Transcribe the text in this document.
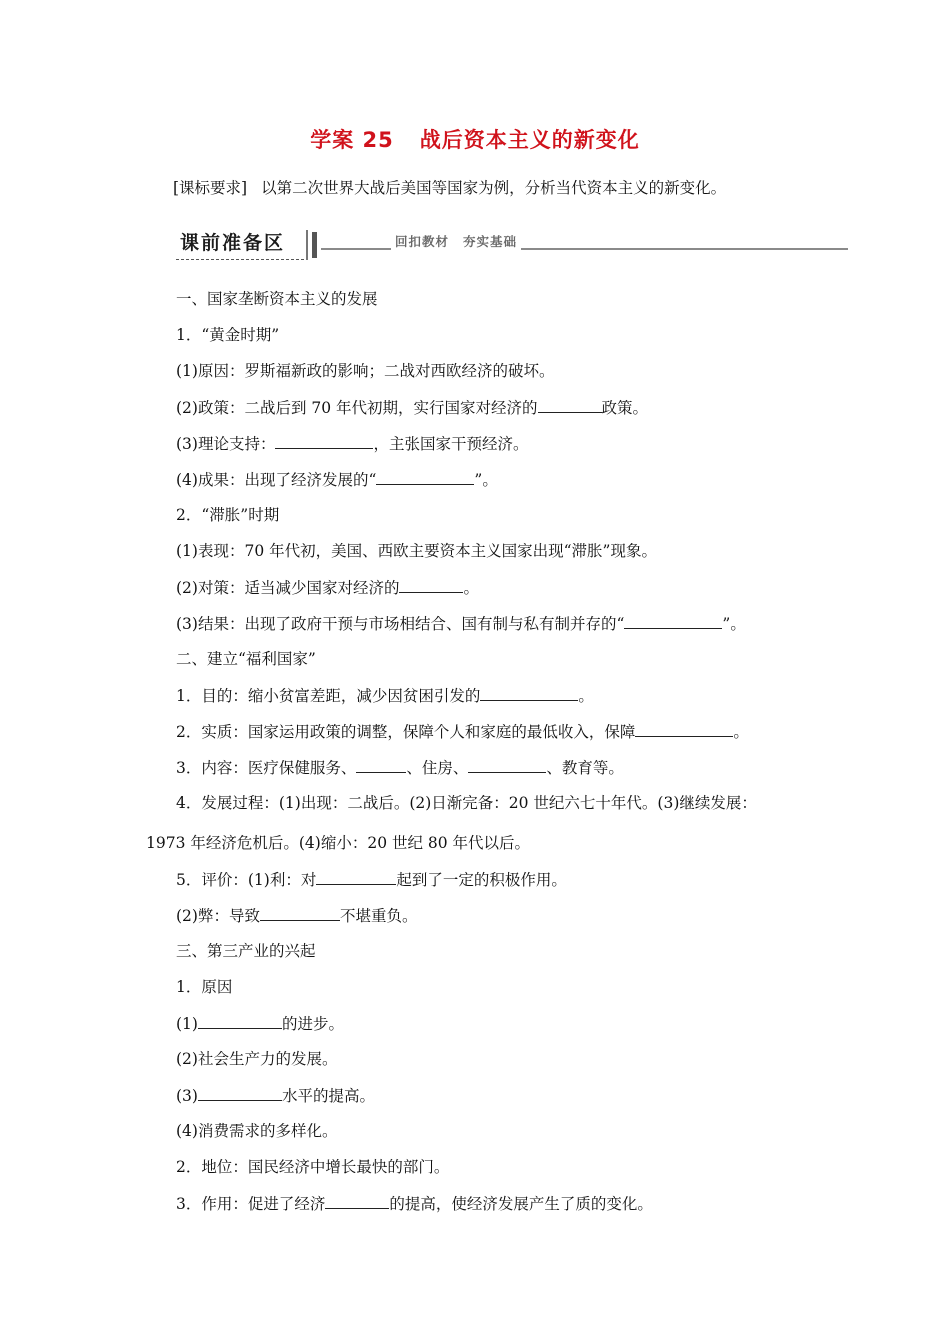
学案 25 战后资本主义的新变化
[课标要求] 以第二次世界大战后美国等国家为例，分析当代资本主义的新变化。
课前准备区	回扣教材 夯实基础
一、国家垄断资本主义的发展
1．“黄金时期”
(1)原因：罗斯福新政的影响；二战对西欧经济的破坏。
(2)政策：二战后到 70 年代初期，实行国家对经济的	政策。
(3)理论支持：	，主张国家干预经济。
(4)成果：出现了经济发展的“	”。
2．“滞胀”时期
(1)表现：70 年代初，美国、西欧主要资本主义国家出现“滞胀”现象。
(2)对策：适当减少国家对经济的	。
(3)结果：出现了政府干预与市场相结合、国有制与私有制并存的“	”。
二、建立“福利国家”
1．目的：缩小贫富差距，减少因贫困引发的	。
2．实质：国家运用政策的调整，保障个人和家庭的最低收入，保障	。
3．内容：医疗保健服务、	、住房、	、教育等。
4．发展过程：(1)出现：二战后。(2)日渐完备：20 世纪六七十年代。(3)继续发展：
1973 年经济危机后。(4)缩小：20 世纪 80 年代以后。
5．评价：(1)利：对	起到了一定的积极作用。
(2)弊：导致	不堪重负。
三、第三产业的兴起
1．原因
(1)	的进步。
(2)社会生产力的发展。
(3)	水平的提高。
(4)消费需求的多样化。
2．地位：国民经济中增长最快的部门。
3．作用：促进了经济	的提高，使经济发展产生了质的变化。
